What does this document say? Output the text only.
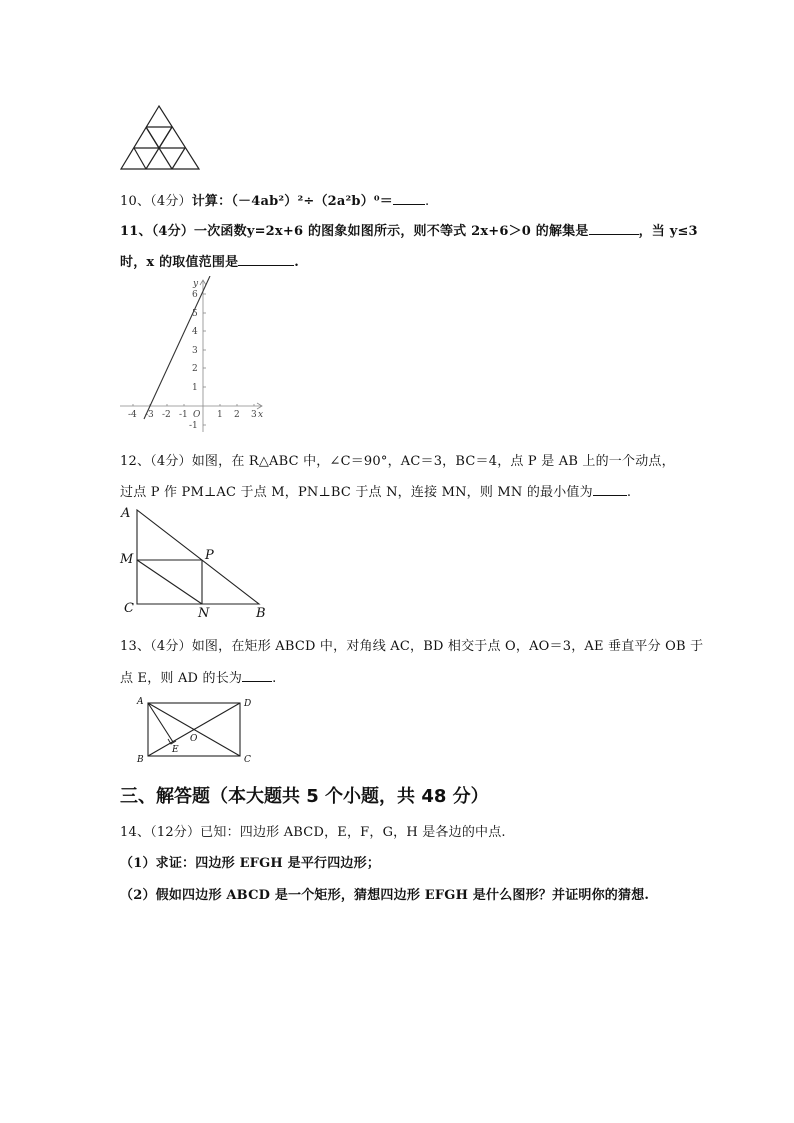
10、（4分）计算：（－4ab²）²÷（2a²b）⁰＝ .
11、（4分）一次函数y=2x+6 的图象如图所示，则不等式 2x+6＞0 的解集是	，当 y≤3
时，x 的取值范围是	.
-4 -3 -2 -1 O 1 2 3 x
6
5
4
3
2
1
-1
y
12、（4分）如图，在 R△ABC 中，∠C＝90°，AC＝3，BC＝4，点 P 是 AB 上的一个动点，
过点 P 作 PM⊥AC 于点 M，PN⊥BC 于点 N，连接 MN，则 MN 的最小值为	.
A
M	P
C	N	B
13、（4分）如图，在矩形 ABCD 中，对角线 AC，BD 相交于点 O，AO＝3，AE 垂直平分 OB 于
点 E，则 AD 的长为 .
A	D
B	C
E
O
三、解答题（本大题共 5 个小题，共 48 分）
14、（12分）已知：四边形 ABCD，E，F，G，H 是各边的中点.
（1）求证：四边形 EFGH 是平行四边形；
（2）假如四边形 ABCD 是一个矩形，猜想四边形 EFGH 是什么图形？并证明你的猜想.
